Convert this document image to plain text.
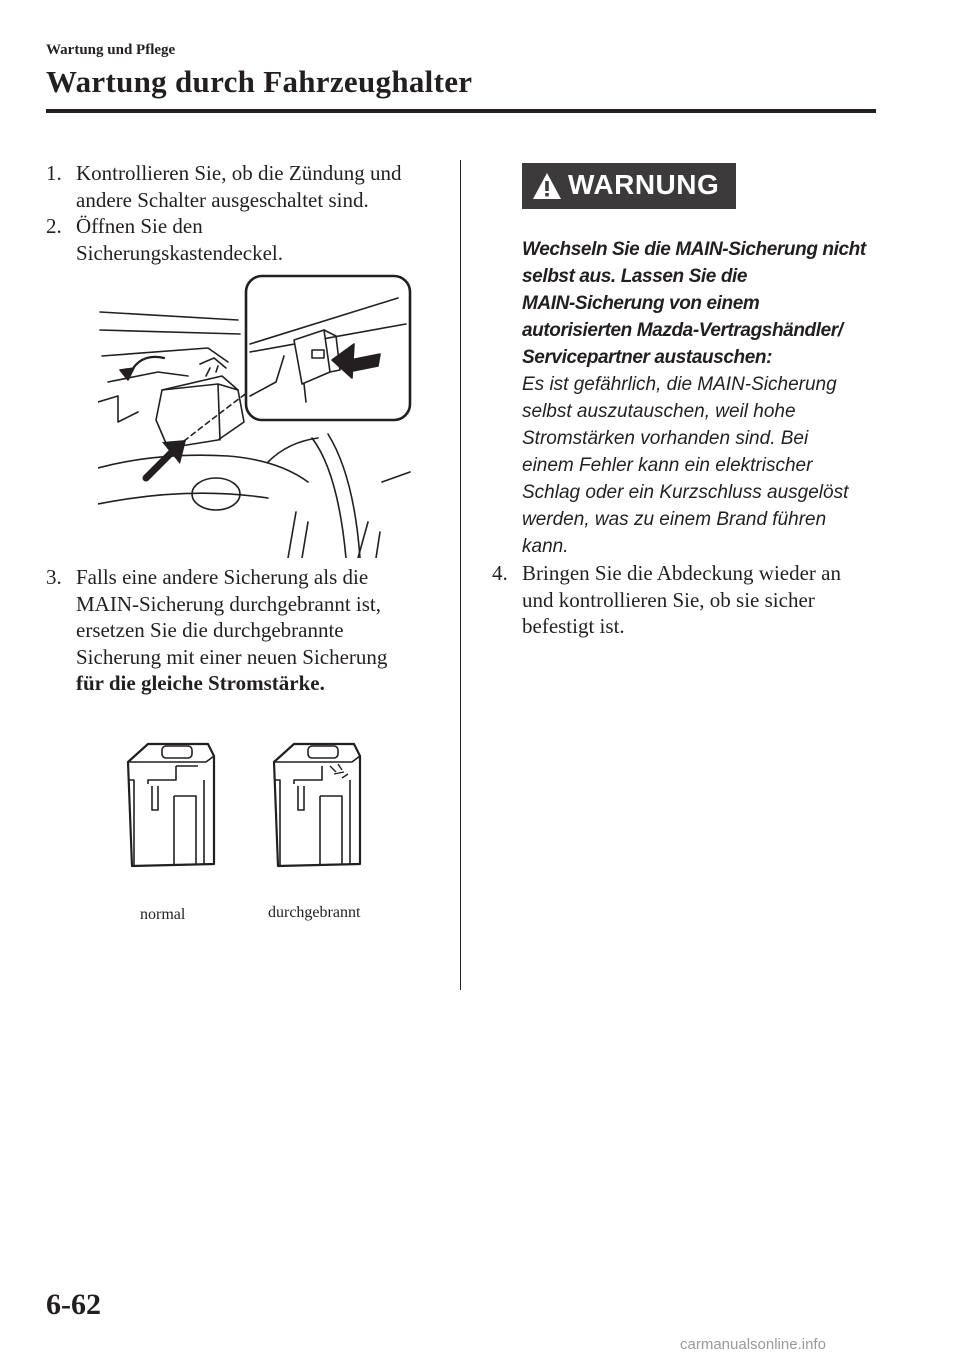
Wartung und Pflege
Wartung durch Fahrzeughalter
1. Kontrollieren Sie, ob die Zündung und
andere Schalter ausgeschaltet sind.
2. Öffnen Sie den
Sicherungskastendeckel.
3. Falls eine andere Sicherung als die
MAIN-Sicherung durchgebrannt ist,
ersetzen Sie die durchgebrannte
Sicherung mit einer neuen Sicherung
für die gleiche Stromstärke.
normal	durchgebrannt
WARNUNG
Wechseln Sie die MAIN-Sicherung nicht
selbst aus. Lassen Sie die
MAIN-Sicherung von einem
autorisierten Mazda-Vertragshändler/
Servicepartner austauschen:
Es ist gefährlich, die MAIN-Sicherung
selbst auszutauschen, weil hohe
Stromstärken vorhanden sind. Bei
einem Fehler kann ein elektrischer
Schlag oder ein Kurzschluss ausgelöst
werden, was zu einem Brand führen
kann.
4. Bringen Sie die Abdeckung wieder an
und kontrollieren Sie, ob sie sicher
befestigt ist.
6-62
carmanualsonline.info
